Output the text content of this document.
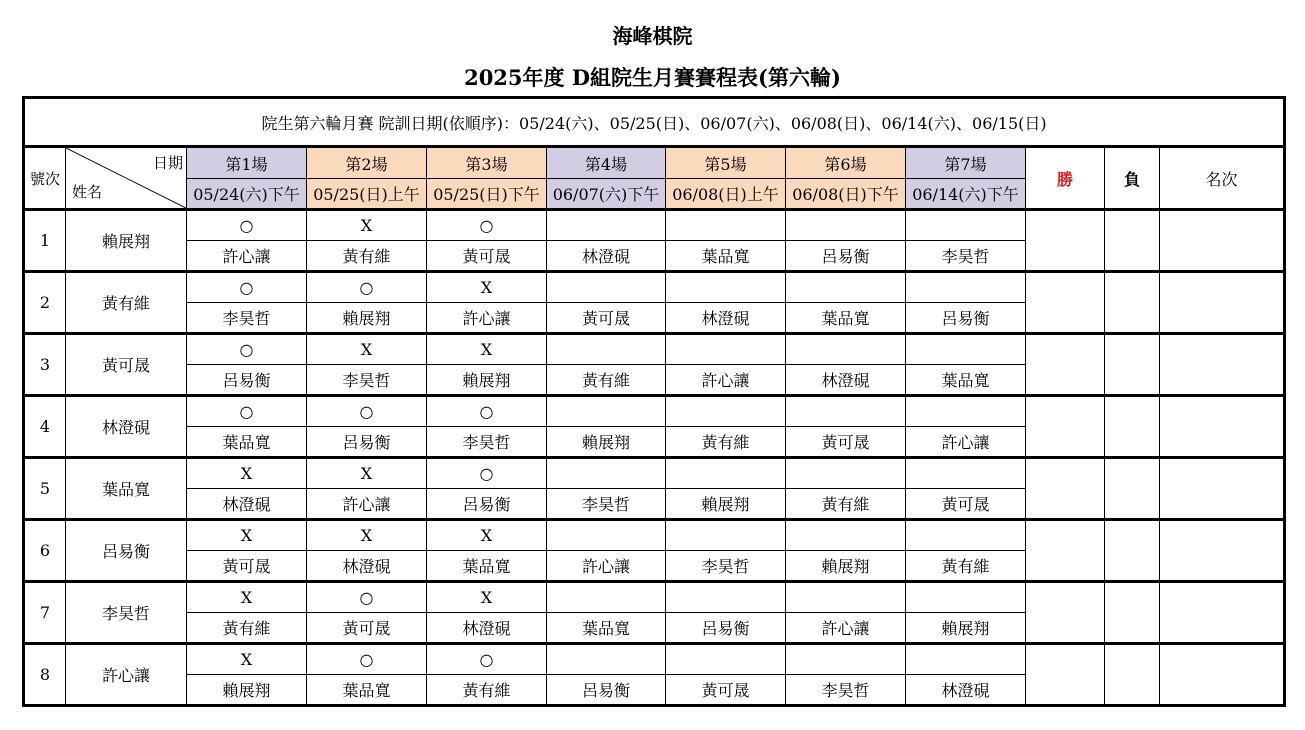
海峰棋院
2025年度 D組院生月賽賽程表(第六輪)
院生第六輪月賽 院訓日期(依順序)：05/24(六)、05/25(日)、06/07(六)、06/08(日)、06/14(六)、06/15(日)											
號次	日期
姓名	第1場	第2場	第3場	第4場	第5場	第6場	第7場	勝	負	名次
		05/24(六)下午	05/25(日)上午	05/25(日)下午	06/07(六)下午	06/08(日)上午	06/08(日)下午	06/14(六)下午			
1	賴展翔	○	X	○							
		許心讓	黃有維	黃可晟	林澄硯	葉品寬	呂易衡	李昊哲			
2	黃有維	○	○	X							
		李昊哲	賴展翔	許心讓	黃可晟	林澄硯	葉品寬	呂易衡			
3	黃可晟	○	X	X							
		呂易衡	李昊哲	賴展翔	黃有維	許心讓	林澄硯	葉品寬			
4	林澄硯	○	○	○							
		葉品寬	呂易衡	李昊哲	賴展翔	黃有維	黃可晟	許心讓			
5	葉品寬	X	X	○							
		林澄硯	許心讓	呂易衡	李昊哲	賴展翔	黃有維	黃可晟			
6	呂易衡	X	X	X							
		黃可晟	林澄硯	葉品寬	許心讓	李昊哲	賴展翔	黃有維			
7	李昊哲	X	○	X							
		黃有維	黃可晟	林澄硯	葉品寬	呂易衡	許心讓	賴展翔			
8	許心讓	X	○	○							
		賴展翔	葉品寬	黃有維	呂易衡	黃可晟	李昊哲	林澄硯			
